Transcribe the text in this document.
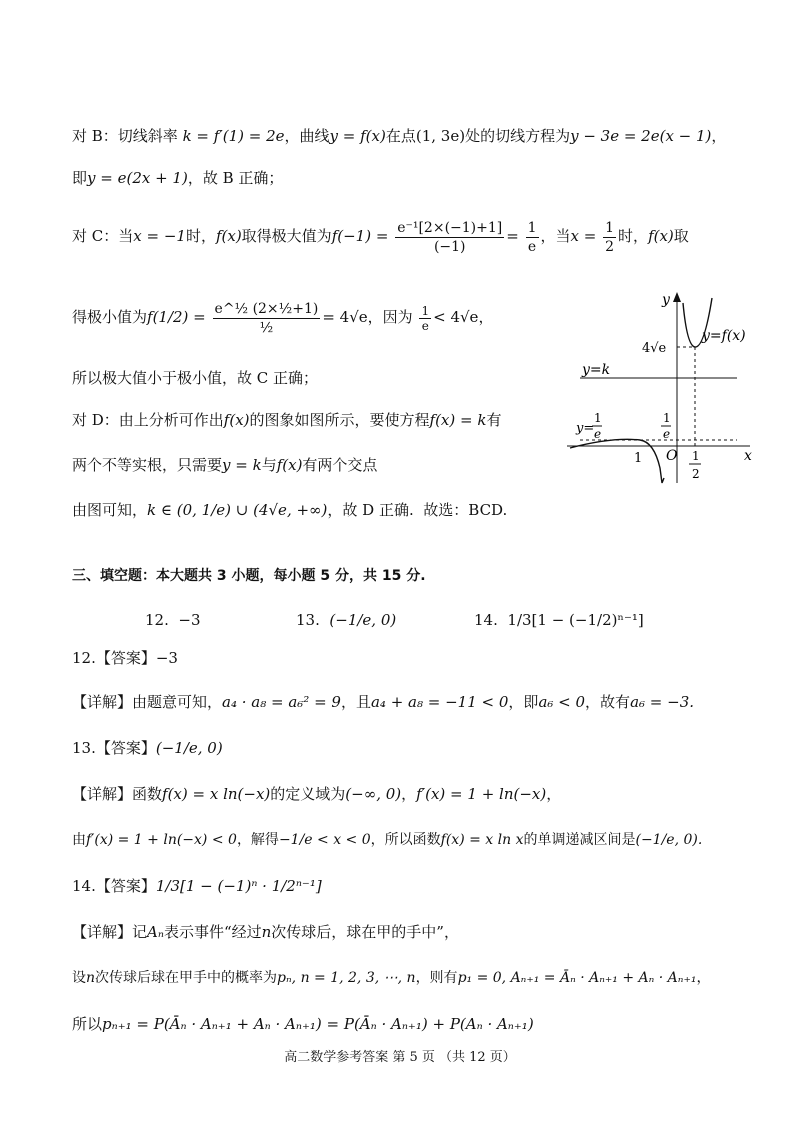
对 B：切线斜率 k = f′(1) = 2e，曲线y = f(x)在点(1, 3e)处的切线方程为y − 3e = 2e(x − 1)，
即y = e(2x + 1)，故 B 正确；
对 C：当x = −1时，f(x)取得极大值为$f(-1) = \frac{\text{e⁻¹[2×(−1)+1]}}{(-1)} = \frac{1}{e}$ ，当$x = \frac{1}{2}$ 时，f(x)取
得极小值为$f(1/2) = \frac{\text{e\textasciicircum{}½ (2×½+1)}}{\text{½}} = 4√e$，因为 $\frac{1}{e} < 4√e$，
所以极大值小于极小值，故 C 正确；
对 D：由上分析可作出f(x)的图象如图所示，要使方程f(x) = k有
两个不等实根，只需要y = k与f(x)有两个交点
由图可知，k ∈ (0, 1/e) ∪ (4√e, +∞)，故 D 正确. 故选：BCD.
y
x
O
y=f(x)
y=k
4√e
y=
1
e
1
e
1	1
2
三、填空题：本大题共 3 小题，每小题 5 分，共 15 分.
12. −3	13. (−1/e, 0)	14. 1/3[1 − (−1/2)ⁿ⁻¹]
12.【答案】−3
【详解】由题意可知，a₄ · a₈ = a₆² = 9，且a₄ + a₈ = −11 < 0，即a₆ < 0，故有a₆ = −3.
13.【答案】(−1/e, 0)
【详解】函数f(x) = x ln(−x)的定义域为(−∞, 0)，f′(x) = 1 + ln(−x)，
由f′(x) = 1 + ln(−x) < 0，解得−1/e < x < 0，所以函数f(x) = x ln x的单调递减区间是(−1/e, 0).
14.【答案】1/3[1 − (−1)ⁿ · 1/2ⁿ⁻¹]
【详解】记Aₙ表示事件“经过n次传球后，球在甲的手中”，
设n次传球后球在甲手中的概率为pₙ, n = 1, 2, 3, ⋯, n，则有p₁ = 0, Aₙ₊₁ = Āₙ · Aₙ₊₁ + Aₙ · Aₙ₊₁，
所以pₙ₊₁ = P(Āₙ · Aₙ₊₁ + Aₙ · Aₙ₊₁) = P(Āₙ · Aₙ₊₁) + P(Aₙ · Aₙ₊₁)
高二数学参考答案 第 5 页 （共 12 页）
